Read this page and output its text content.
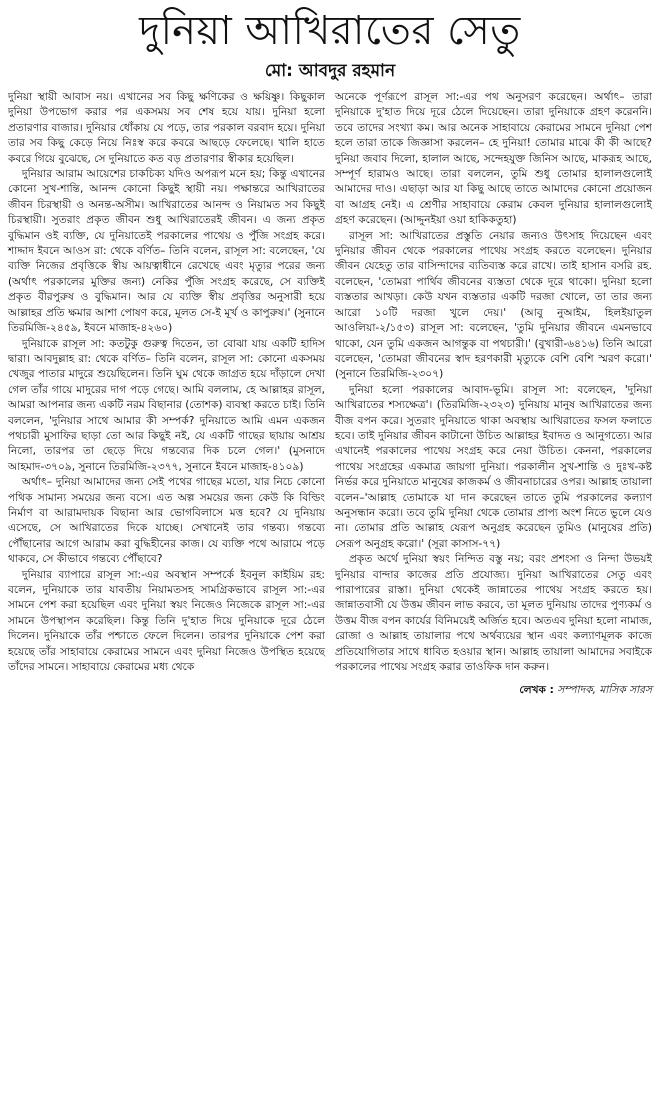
দুনিয়া আখিরাতের সেতু
মো: আবদুর রহমান

দুনিয়া স্থায়ী আবাস নয়। এখানের সব কিছু ক্ষণিকের ও ক্ষয়িষ্ণু। কিছুকাল দুনিয়া উপভোগ করার পর একসময় সব শেষ হয়ে যায়। দুনিয়া হলো প্রতারণার বাজার। দুনিয়ার ধোঁকায় যে পড়ে, তার পরকাল বরবাদ হয়ে। দুনিয়া তার সব কিছু কেড়ে নিয়ে নিঃস্ব করে কবরে আছড়ে ফেলেছে। খালি হাতে কবরে গিয়ে বুঝেছে, সে দুনিয়াতে কত বড় প্রতারণার স্বীকার হয়েছিল।

দুনিয়ার আরাম আয়েশের চাকচিক্য যদিও অপরূপ মনে হয়; কিন্তু এখানের কোনো সুখ-শান্তি, আনন্দ কোনো কিছুই স্থায়ী নয়। পক্ষান্তরে আখিরাতের জীবন চিরস্থায়ী ও অনন্ত-অসীম। আখিরাতের আনন্দ ও নিয়ামত সব কিছুই চিরস্থায়ী। সুতরাং প্রকৃত জীবন শুধু আখিরাতেরই জীবন। এ জন্য প্রকৃত বুদ্ধিমান ওই ব্যক্তি, যে দুনিয়াতেই পরকালের পাথেয় ও পুঁজি সংগ্রহ করে। শাদ্দাদ ইবনে আওস রা: থেকে বর্ণিত– তিনি বলেন, রাসূল সা: বলেছেন, 'যে ব্যক্তি নিজের প্রবৃত্তিকে স্বীয় আয়ত্বাধীনে রেখেছে এবং মৃত্যুর পরের জন্য (অর্থাৎ পরকালের মুক্তির জন্য) নেকির পুঁজি সংগ্রহ করেছে, সে ব্যক্তিই প্রকৃত বীরপুরুষ ও বুদ্ধিমান। আর যে ব্যক্তি স্বীয় প্রবৃত্তির অনুসারী হয়ে আল্লাহর প্রতি ক্ষমার আশা পোষণ করে, মূলত সে-ই মূর্খ ও কাপুরুষ।' (সুনানে তিরমিজি-২৪৫৯, ইবনে মাজাহ-৪২৬০)

দুনিয়াকে রাসূল সা: কতটুকু গুরুত্ব দিতেন, তা বোঝা যায় একটি হাদিস দ্বারা। আবদুল্লাহ রা: থেকে বর্ণিত– তিনি বলেন, রাসূল সা: কোনো একসময় খেজুর পাতার মাদুরে শুয়েছিলেন। তিনি ঘুম থেকে জাগ্রত হয়ে দাঁড়ালে দেখা গেল তাঁর গায়ে মাদুরের দাগ পড়ে গেছে। আমি বললাম, হে আল্লাহর রাসূল, আমরা আপনার জন্য একটি নরম বিছানার (তোশক) ব্যবস্থা করতে চাই। তিনি বললেন, 'দুনিয়ার সাথে আমার কী সম্পর্ক? দুনিয়াতে আমি এমন একজন পথচারী মুসাফির ছাড়া তো আর কিছুই নই, যে একটি গাছের ছায়ায় আশ্রয় নিলো, তারপর তা ছেড়ে দিয়ে গন্তব্যের দিক চলে গেল।' (মুসনাদে আহমাদ-৩৭০৯, সুনানে তিরমিজি-২৩৭৭, সুনানে ইবনে মাজাহ-৪১০৯)

অর্থাৎ– দুনিয়া আমাদের জন্য সেই পথের গাছের মতো, যার নিচে কোনো পথিক সামান্য সময়ের জন্য বসে। এত অল্প সময়ের জন্য কেউ কি বিল্ডিং নির্মাণ বা আরামদায়ক বিছানা আর ভোগবিলাসে মত্ত হবে? যে দুনিয়ায় এসেছে, সে আখিরাতের দিকে যাচ্ছে। সেখানেই তার গন্তব্য। গন্তব্যে পৌঁছানোর আগে আরাম করা বুদ্ধিহীনের কাজ। যে ব্যক্তি পথে আরামে পড়ে থাকবে, সে কীভাবে গন্তব্যে পৌঁছাবে?

দুনিয়ার ব্যাপারে রাসূল সা:-এর অবস্থান সম্পর্কে ইবনুল কাইয়িম রহ: বলেন, দুনিয়াকে তার যাবতীয় নিয়ামতসহ সামগ্রিকভাবে রাসূল সা:-এর সামনে পেশ করা হয়েছিল এবং দুনিয়া স্বয়ং নিজেও নিজেকে রাসূল সা:-এর সামনে উপস্থাপন করেছিল। কিন্তু তিনি দু'হাত দিয়ে দুনিয়াকে দূরে ঠেলে দিলেন। দুনিয়াকে তাঁর পশ্চাতে ফেলে দিলেন। তারপর দুনিয়াকে পেশ করা হয়েছে তাঁর সাহাবায়ে কেরামের সামনে এবং দুনিয়া নিজেও উপস্থিত হয়েছে তাঁদের সামনে। সাহাবায়ে কেরামের মধ্য থেকে

অনেকে পূর্ণরূপে রাসূল সা:-এর পথ অনুসরণ করেছেন। অর্থাৎ– তারা দুনিয়াকে দু'হাত দিয়ে দূরে ঠেলে দিয়েছেন। তারা দুনিয়াকে গ্রহণ করেননি। তবে তাদের সংখ্যা কম। আর অনেক সাহাবায়ে কেরামের সামনে দুনিয়া পেশ হলে তারা তাকে জিজ্ঞাসা করলেন– হে দুনিয়া! তোমার মাঝে কী কী আছে? দুনিয়া জবাব দিলো, হালাল আছে, সন্দেহযুক্ত জিনিস আছে, মাকরূহ আছে, সম্পূর্ণ হারামও আছে। তারা বললেন, তুমি শুধু তোমার হালালগুলোই আমাদের দাও। এছাড়া আর যা কিছু আছে তাতে আমাদের কোনো প্রয়োজন বা আগ্রহ নেই। এ শ্রেণীর সাহাবায়ে কেরাম কেবল দুনিয়ার হালালগুলোই গ্রহণ করেছেন। (আদ্দুনইয়া ওয়া হাকিকতুহা)

রাসূল সা: আখিরাতের প্রস্তুতি নেয়ার জন্যও উৎসাহ দিয়েছেন এবং দুনিয়ার জীবন থেকে পরকালের পাথেয় সংগ্রহ করতে বলেছেন। দুনিয়ার জীবন যেহেতু তার বাসিন্দাদের ব্যতিব্যস্ত করে রাখে। তাই হাসান বসরি রহ. বলেছেন, 'তোমরা পার্থিব জীবনের ব্যস্ততা থেকে দূরে থাকো। দুনিয়া হলো ব্যস্ততার আখড়া। কেউ যখন ব্যস্ততার একটি দরজা খোলে, তা তার জন্য আরো ১০টি দরজা খুলে দেয়।' (আবু নুআইম, হিলইয়াতুল আওলিয়া-২/১৫৩) রাসূল সা: বলেছেন, 'তুমি দুনিয়ার জীবনে এমনভাবে থাকো, যেন তুমি একজন আগন্তুক বা পথচারী।' (বুখারী-৬৪১৬) তিনি আরো বলেছেন, 'তোমরা জীবনের স্বাদ হরণকারী মৃত্যুকে বেশি বেশি স্মরণ করো।' (সুনানে তিরমিজি-২৩০৭)

দুনিয়া হলো পরকালের আবাদ-ভূমি। রাসূল সা: বলেছেন, 'দুনিয়া আখিরাতের শস্যক্ষেত্র'। (তিরমিজি-২৩২৩) দুনিয়ায় মানুষ আখিরাতের জন্য বীজ বপন করে। সুতরাং দুনিয়াতে থাকা অবস্থায় আখিরাতের ফসল ফলাতে হবে। তাই দুনিয়ার জীবন কাটানো উচিত আল্লাহর ইবাদত ও আনুগত্যে। আর এখানেই পরকালের পাথেয় সংগ্রহ করে নেয়া উচিত। কেননা, পরকালের পাথেয় সংগ্রহের একমাত্র জায়গা দুনিয়া। পরকালীন সুখ-শান্তি ও দুঃখ-কষ্ট নির্ভর করে দুনিয়াতে মানুষের কাজকর্ম ও জীবনাচারের ওপর। আল্লাহ তায়ালা বলেন–'আল্লাহ তোমাকে যা দান করেছেন তাতে তুমি পরকালের কল্যাণ অনুসন্ধান করো। তবে তুমি দুনিয়া থেকে তোমার প্রাপ্য অংশ নিতে ভুলে যেও না। তোমার প্রতি আল্লাহ যেরূপ অনুগ্রহ করেছেন তুমিও (মানুষের প্রতি) সেরূপ অনুগ্রহ করো।' (সূরা কাসাস-৭৭)

প্রকৃত অর্থে দুনিয়া স্বয়ং নিন্দিত বস্তু নয়; বরং প্রশংসা ও নিন্দা উভয়ই দুনিয়ার বান্দার কাজের প্রতি প্রযোজ্য। দুনিয়া আখিরাতের সেতু এবং পারাপারের রাস্তা। দুনিয়া থেকেই জান্নাতের পাথেয় সংগ্রহ করতে হয়। জান্নাতবাসী যে উত্তম জীবন লাভ করবে, তা মূলত দুনিয়ায় তাদের পুণ্যকর্ম ও উত্তম বীজ বপন কার্যের বিনিময়েই অর্জিত হবে। অতএব দুনিয়া হলো নামাজ, রোজা ও আল্লাহ তায়ালার পথে অর্থব্যয়ের স্থান এবং কল্যাণমূলক কাজে প্রতিযোগিতার সাথে ধাবিত হওয়ার স্থান। আল্লাহ তায়ালা আমাদের সবাইকে পরকালের পাথেয় সংগ্রহ করার তাওফিক দান করুন।

লেখক : সম্পাদক, মাসিক সারস
